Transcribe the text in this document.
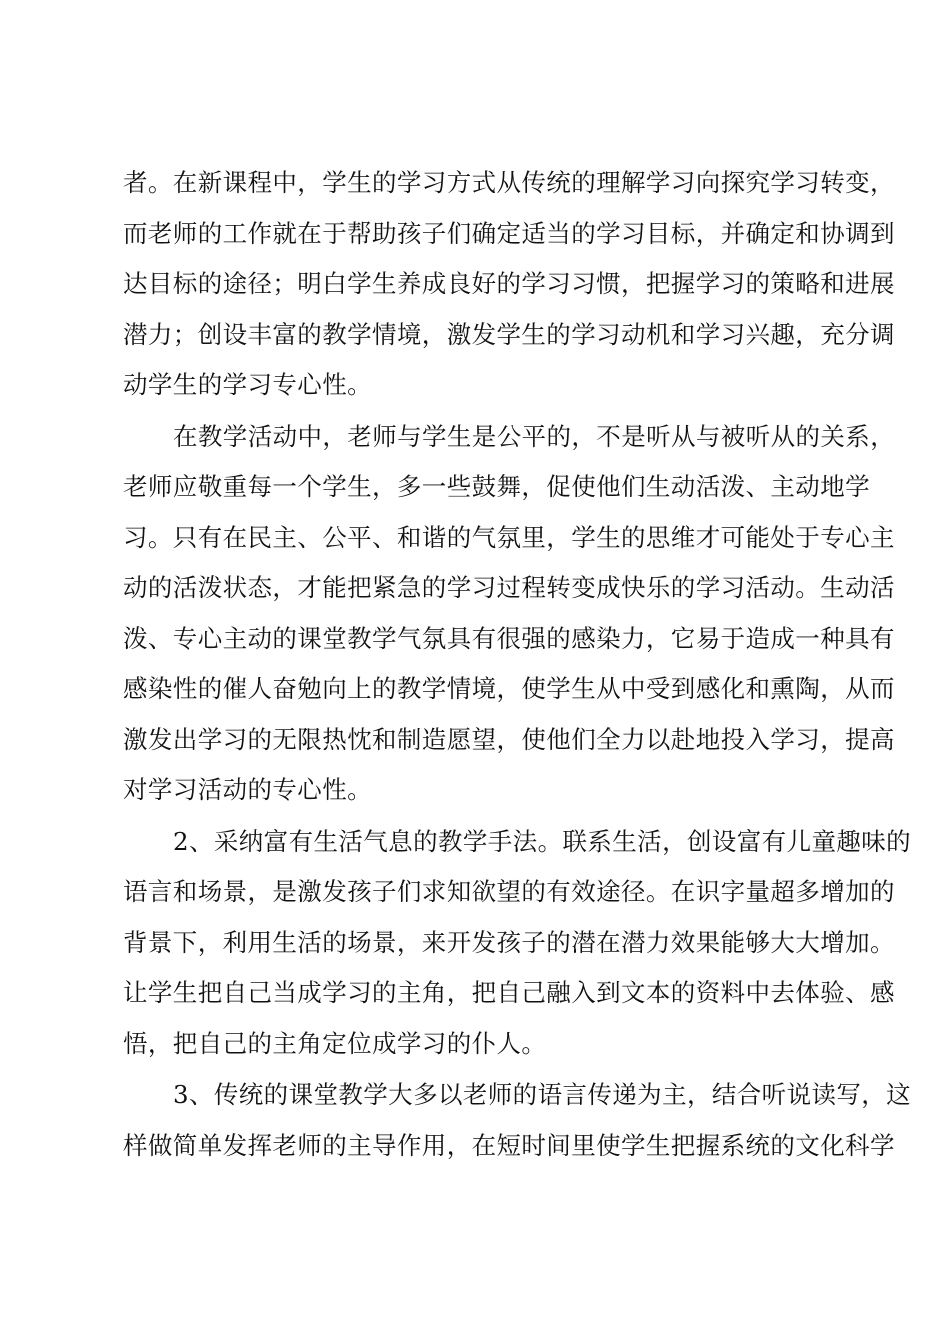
者。在新课程中，学生的学习方式从传统的理解学习向探究学习转变，
而老师的工作就在于帮助孩子们确定适当的学习目标，并确定和协调到
达目标的途径；明白学生养成良好的学习习惯，把握学习的策略和进展
潜力；创设丰富的教学情境，激发学生的学习动机和学习兴趣，充分调
动学生的学习专心性。

在教学活动中，老师与学生是公平的，不是听从与被听从的关系，
老师应敬重每一个学生，多一些鼓舞，促使他们生动活泼、主动地学
习。只有在民主、公平、和谐的气氛里，学生的思维才可能处于专心主
动的活泼状态，才能把紧急的学习过程转变成快乐的学习活动。生动活
泼、专心主动的课堂教学气氛具有很强的感染力，它易于造成一种具有
感染性的催人奋勉向上的教学情境，使学生从中受到感化和熏陶，从而
激发出学习的无限热忱和制造愿望，使他们全力以赴地投入学习，提高
对学习活动的专心性。

2、采纳富有生活气息的教学手法。联系生活，创设富有儿童趣味的
语言和场景，是激发孩子们求知欲望的有效途径。在识字量超多增加的
背景下，利用生活的场景，来开发孩子的潜在潜力效果能够大大增加。
让学生把自己当成学习的主角，把自己融入到文本的资料中去体验、感
悟，把自己的主角定位成学习的仆人。

3、传统的课堂教学大多以老师的语言传递为主，结合听说读写，这
样做简单发挥老师的主导作用，在短时间里使学生把握系统的文化科学
